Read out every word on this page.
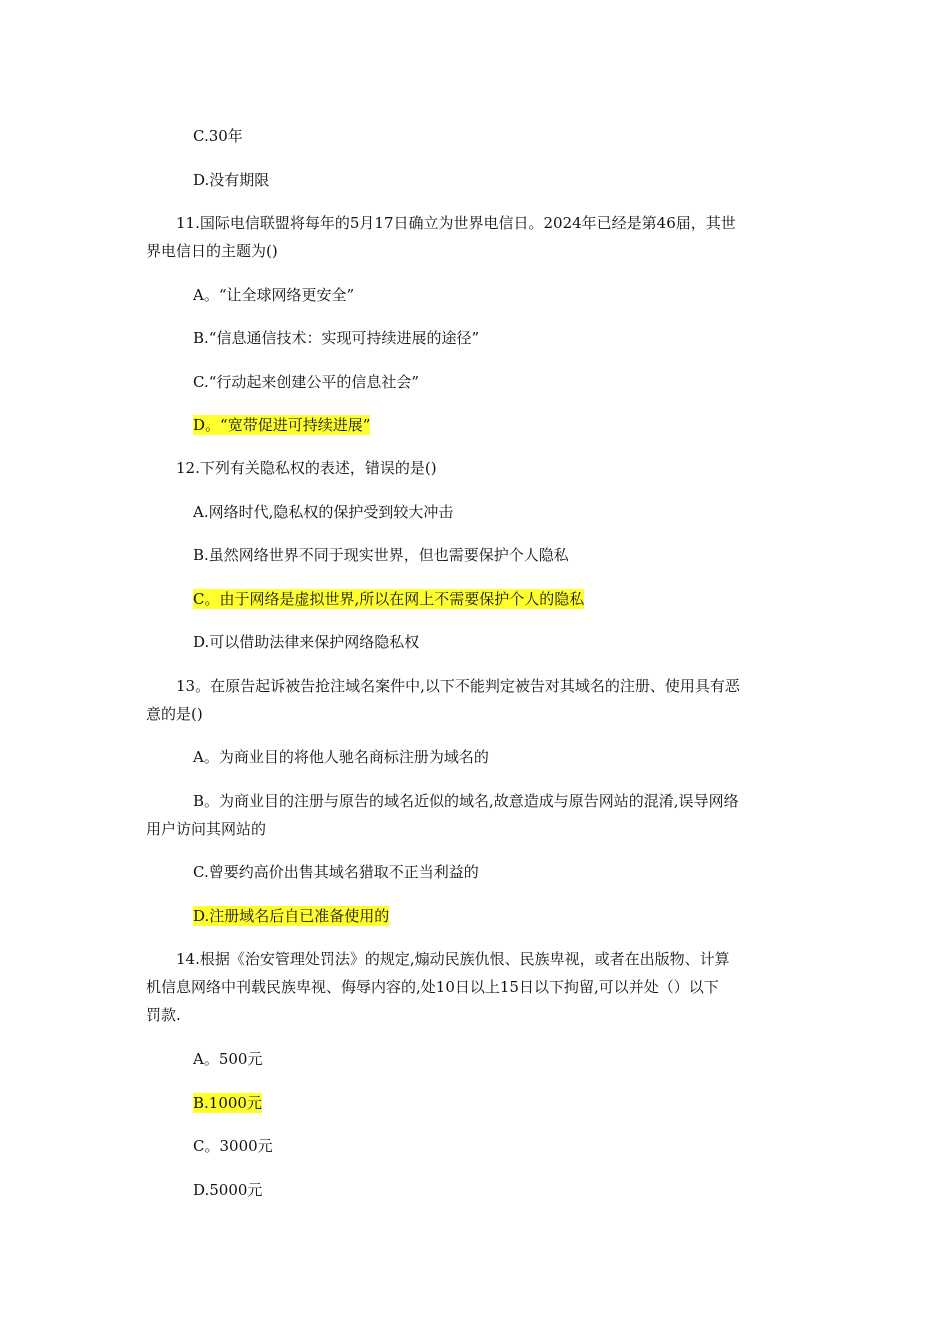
C.30年
D.没有期限
11.国际电信联盟将每年的5月17日确立为世界电信日。2024年已经是第46届，其世
界电信日的主题为()
A。“让全球网络更安全”
B.“信息通信技术：实现可持续进展的途径”
C.“行动起来创建公平的信息社会”
D。“宽带促进可持续进展”
12.下列有关隐私权的表述，错误的是()
A.网络时代,隐私权的保护受到较大冲击
B.虽然网络世界不同于现实世界，但也需要保护个人隐私
C。由于网络是虚拟世界,所以在网上不需要保护个人的隐私
D.可以借助法律来保护网络隐私权
13。在原告起诉被告抢注域名案件中,以下不能判定被告对其域名的注册、使用具有恶
意的是()
A。为商业目的将他人驰名商标注册为域名的
B。为商业目的注册与原告的域名近似的域名,故意造成与原告网站的混淆,误导网络
用户访问其网站的
C.曾要约高价出售其域名猎取不正当利益的
D.注册域名后自已准备使用的
14.根据《治安管理处罚法》的规定,煽动民族仇恨、民族卑视，或者在出版物、计算
机信息网络中刊载民族卑视、侮辱内容的,处10日以上15日以下拘留,可以并处（）以下
罚款.
A。500元
B.1000元
C。3000元
D.5000元
